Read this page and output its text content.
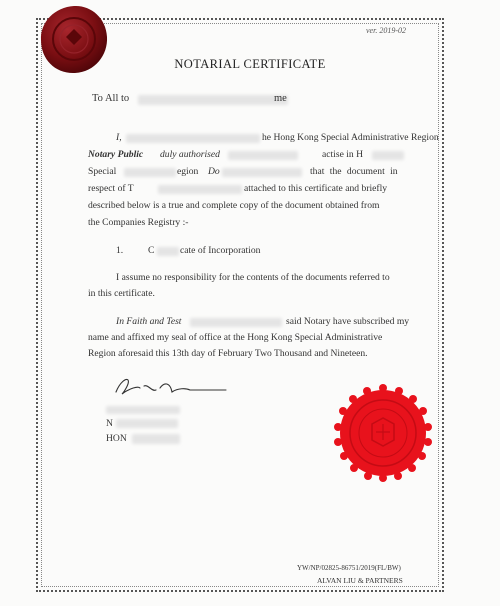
ver. 2019-02
NOTARIAL CERTIFICATE
To All to	me
I,	he Hong Kong Special Administrative Region
Notary Public duly authorised	actise in H
Special	egion Do	that the document in
respect of T	attached to this certificate and briefly
described below is a true and complete copy of the document obtained from
the Companies Registry :-
1.	C	cate of Incorporation
I assume no responsibility for the contents of the documents referred to
in this certificate.
In Faith and Test	said Notary have subscribed my
name and affixed my seal of office at the Hong Kong Special Administrative
Region aforesaid this 13th day of February Two Thousand and Nineteen.
N
HON
YW/NP/02825-86751/2019(FL/BW)
ALVAN LIU & PARTNERS
